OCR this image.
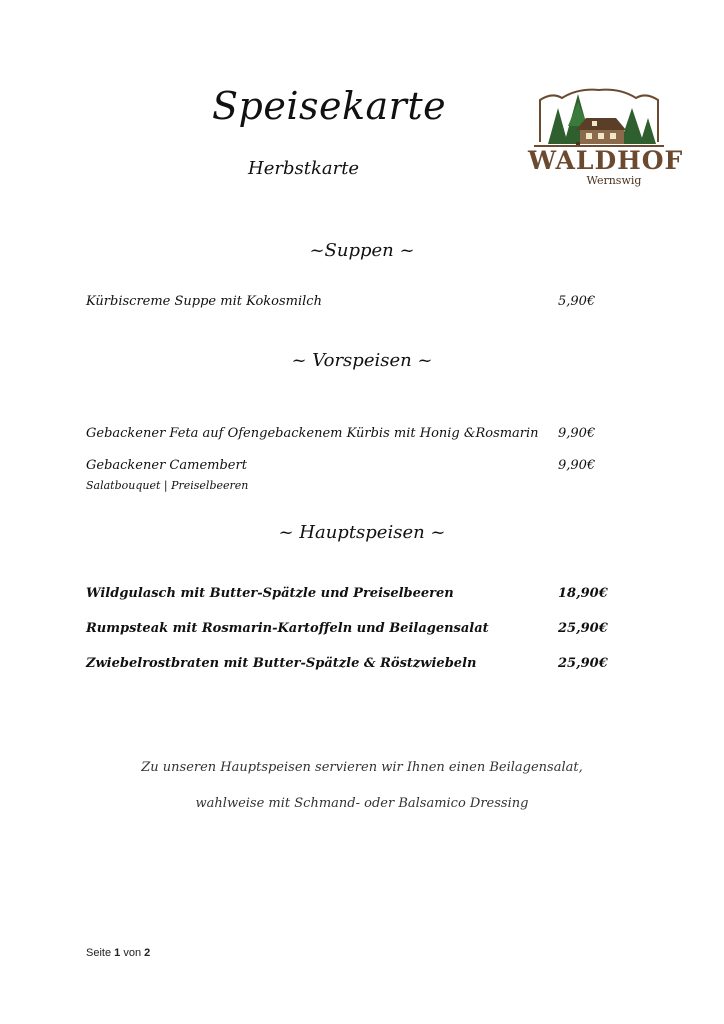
Speisekarte
Herbstkarte	WALDHOF
Wernswig
~Suppen ~
Kürbiscreme Suppe mit Kokosmilch	5,90€
~ Vorspeisen ~
Gebackener Feta auf Ofengebackenem Kürbis mit Honig &Rosmarin 9,90€
Gebackener Camembert	9,90€
Salatbouquet | Preiselbeeren
~ Hauptspeisen ~
Wildgulasch mit Butter-Spätzle und Preiselbeeren	18,90€
Rumpsteak mit Rosmarin-Kartoffeln und Beilagensalat	25,90€
Zwiebelrostbraten mit Butter-Spätzle & Röstzwiebeln	25,90€
Zu unseren Hauptspeisen servieren wir Ihnen einen Beilagensalat,
wahlweise mit Schmand- oder Balsamico Dressing
Seite 1 von 2
